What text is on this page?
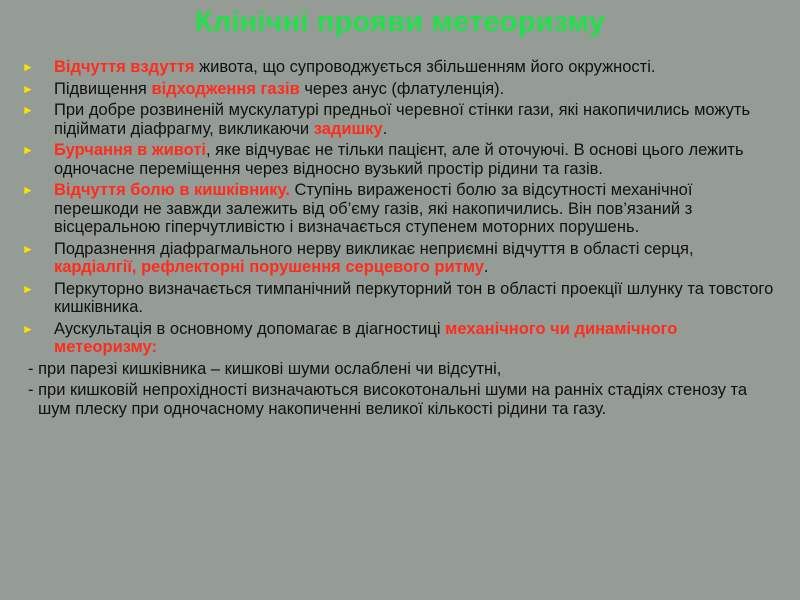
Клінічні прояви метеоризму
►	Відчуття вздуття живота, що супроводжується збільшенням його окружності.
►	Підвищення відходження газів через анус (флатуленція).
►	При добре розвиненій мускулатурі предньої черевної стінки гази, які накопичились можуть підіймати діафрагму, викликаючи задишку.
►	Бурчання в животі, яке відчуває не тільки пацієнт, але й оточуючі. В основі цього лежить одночасне переміщення через відносно вузький простір рідини та газів.
►	Відчуття болю в кишківнику. Ступінь вираженості болю за відсутності механічної перешкоди не завжди залежить від об’єму газів, які накопичились. Він пов’язаний з вісцеральною гіперчутливістю і визначається ступенем моторних порушень.
►	Подразнення діафрагмального нерву викликає неприємні відчуття в області серця, кардіалгії, рефлекторні порушення серцевого ритму.
►	Перкуторно визначається тимпанічний перкуторний тон в області проекції шлунку та товстого кишківника.
►	Аускультація в основному допомагає в діагностиці механічного чи динамічного метеоризму:
- при парезі кишківника – кишкові шуми ослаблені чи відсутні,
- при кишковій непрохідності визначаються високотональні шуми на ранніх стадіях стенозу та шум плеску при одночасному накопиченні великої кількості рідини та газу.
